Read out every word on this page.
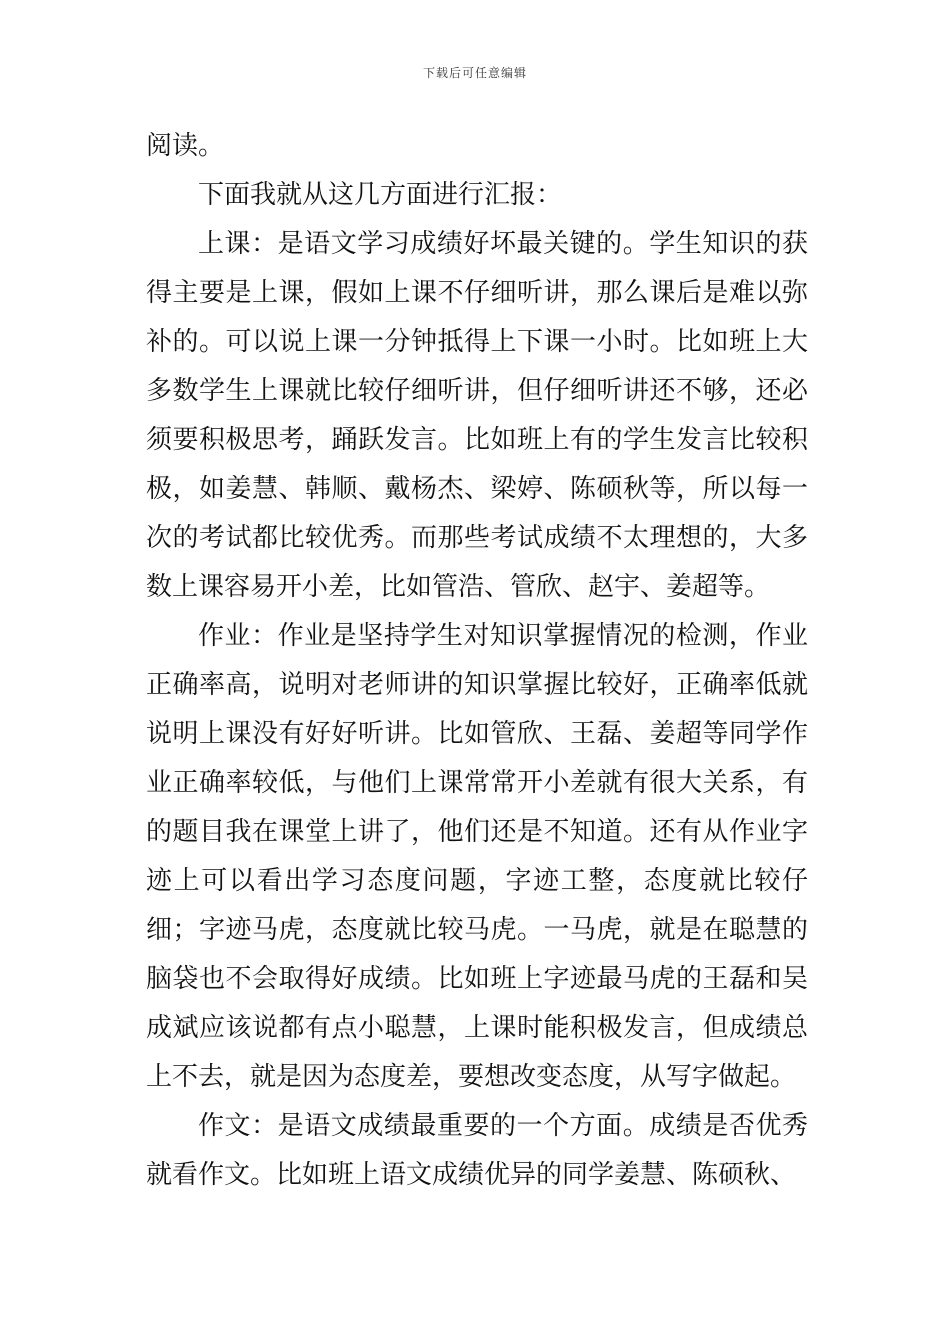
下载后可任意编辑

阅读。

下面我就从这几方面进行汇报：

上课：是语文学习成绩好坏最关键的。学生知识的获得主要是上课，假如上课不仔细听讲，那么课后是难以弥补的。可以说上课一分钟抵得上下课一小时。比如班上大多数学生上课就比较仔细听讲，但仔细听讲还不够，还必须要积极思考，踊跃发言。比如班上有的学生发言比较积极，如姜慧、韩顺、戴杨杰、梁婷、陈硕秋等，所以每一次的考试都比较优秀。而那些考试成绩不太理想的，大多数上课容易开小差，比如管浩、管欣、赵宇、姜超等。

作业：作业是坚持学生对知识掌握情况的检测，作业正确率高，说明对老师讲的知识掌握比较好，正确率低就说明上课没有好好听讲。比如管欣、王磊、姜超等同学作业正确率较低，与他们上课常常开小差就有很大关系，有的题目我在课堂上讲了，他们还是不知道。还有从作业字迹上可以看出学习态度问题，字迹工整，态度就比较仔细；字迹马虎，态度就比较马虎。一马虎，就是在聪慧的脑袋也不会取得好成绩。比如班上字迹最马虎的王磊和吴成斌应该说都有点小聪慧，上课时能积极发言，但成绩总上不去，就是因为态度差，要想改变态度，从写字做起。

作文：是语文成绩最重要的一个方面。成绩是否优秀就看作文。比如班上语文成绩优异的同学姜慧、陈硕秋、
